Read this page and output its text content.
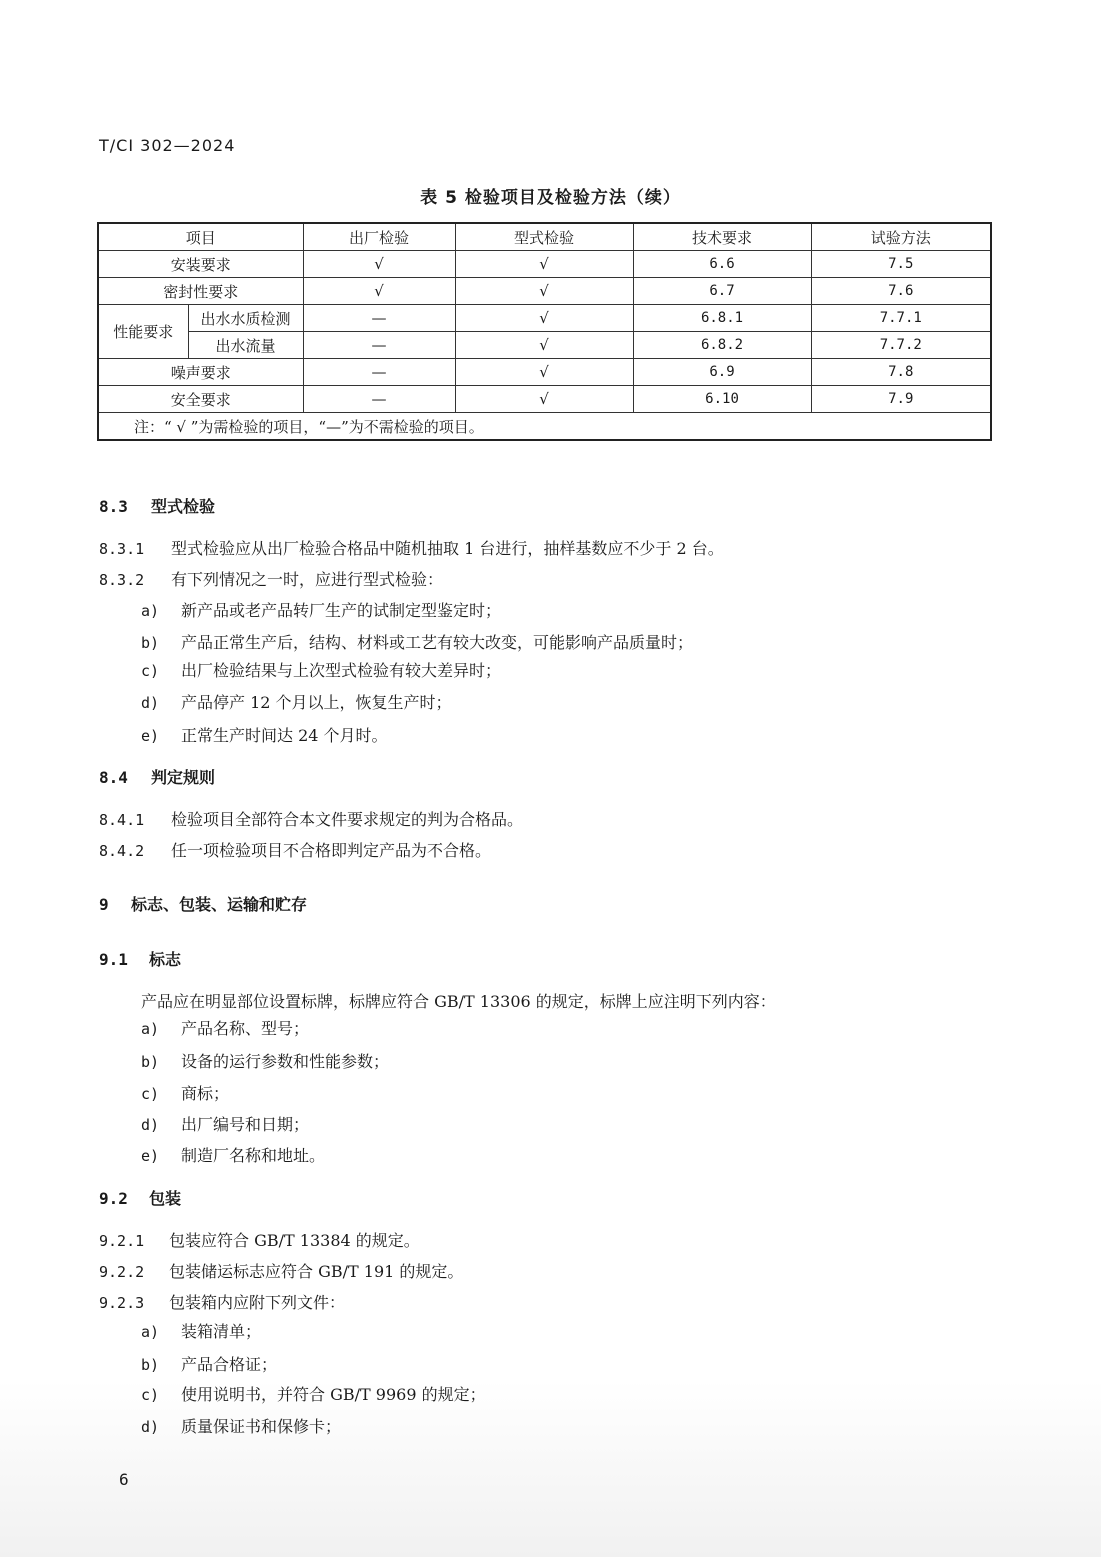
T/CI 302—2024
表 5 检验项目及检验方法（续）
项目		出厂检验	型式检验	技术要求	试验方法
安装要求		√	√	6.6	7.5
密封性要求		√	√	6.7	7.6
性能要求	出水水质检测	—	√	6.8.1	7.7.1
	出水流量	—	√	6.8.2	7.7.2
噪声要求		—	√	6.9	7.8
安全要求		—	√	6.10	7.9
注：“ √ ”为需检验的项目，“—”为不需检验的项目。					
8.3 型式检验
8.3.1 型式检验应从出厂检验合格品中随机抽取 1 台进行，抽样基数应不少于 2 台。
8.3.2 有下列情况之一时，应进行型式检验：
a) 新产品或老产品转厂生产的试制定型鉴定时；
b) 产品正常生产后，结构、材料或工艺有较大改变，可能影响产品质量时；
c) 出厂检验结果与上次型式检验有较大差异时；
d) 产品停产 12 个月以上，恢复生产时；
e) 正常生产时间达 24 个月时。
8.4 判定规则
8.4.1 检验项目全部符合本文件要求规定的判为合格品。
8.4.2 任一项检验项目不合格即判定产品为不合格。
9 标志、包装、运输和贮存
9.1 标志
产品应在明显部位设置标牌，标牌应符合 GB/T 13306 的规定，标牌上应注明下列内容：
a) 产品名称、型号；
b) 设备的运行参数和性能参数；
c) 商标；
d) 出厂编号和日期；
e) 制造厂名称和地址。
9.2 包装
9.2.1 包装应符合 GB/T 13384 的规定。
9.2.2 包装储运标志应符合 GB/T 191 的规定。
9.2.3 包装箱内应附下列文件：
a) 装箱清单；
b) 产品合格证；
c) 使用说明书，并符合 GB/T 9969 的规定；
d) 质量保证书和保修卡；
6
